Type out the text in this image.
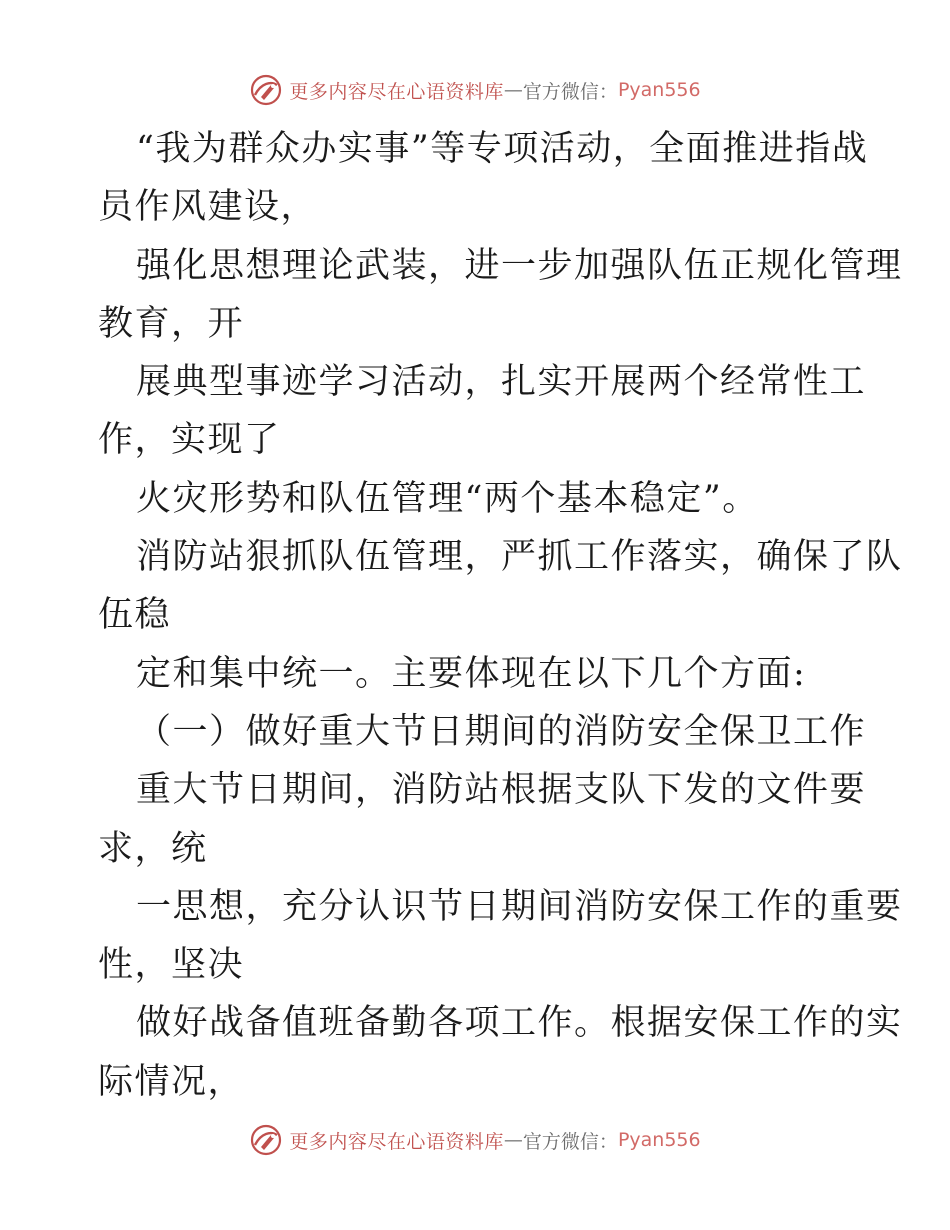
更多内容尽在心语资料库 — 官方微信： Pyan556
“我为群众办实事”等专项活动，全面推进指战
员作风建设，
强化思想理论武装，进一步加强队伍正规化管理
教育，开
展典型事迹学习活动，扎实开展两个经常性工
作，实现了
火灾形势和队伍管理“两个基本稳定”。
消防站狠抓队伍管理，严抓工作落实，确保了队
伍稳
定和集中统一。主要体现在以下几个方面:
（一）做好重大节日期间的消防安全保卫工作
重大节日期间，消防站根据支队下发的文件要
求，统
一思想，充分认识节日期间消防安保工作的重要
性，坚决
做好战备值班备勤各项工作。根据安保工作的实
际情况，
更多内容尽在心语资料库 — 官方微信： Pyan556
